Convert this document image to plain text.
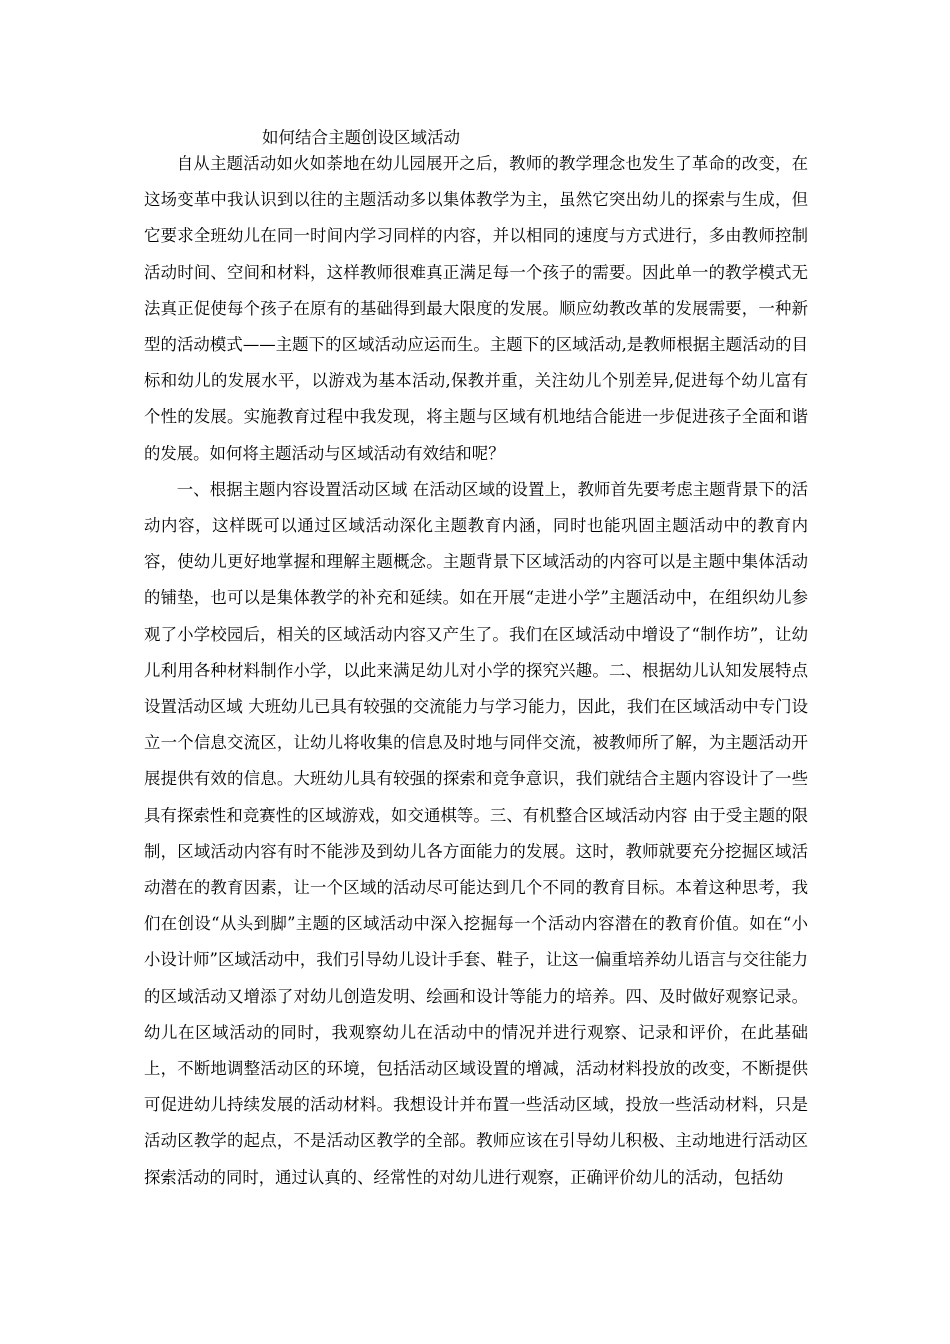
如何结合主题创设区域活动

自从主题活动如火如荼地在幼儿园展开之后，教师的教学理念也发生了革命的改变，在这场变革中我认识到以往的主题活动多以集体教学为主，虽然它突出幼儿的探索与生成，但它要求全班幼儿在同一时间内学习同样的内容，并以相同的速度与方式进行，多由教师控制活动时间、空间和材料，这样教师很难真正满足每一个孩子的需要。因此单一的教学模式无法真正促使每个孩子在原有的基础得到最大限度的发展。顺应幼教改革的发展需要，一种新型的活动模式——主题下的区域活动应运而生。主题下的区域活动,是教师根据主题活动的目标和幼儿的发展水平，以游戏为基本活动,保教并重，关注幼儿个别差异,促进每个幼儿富有个性的发展。实施教育过程中我发现，将主题与区域有机地结合能进一步促进孩子全面和谐的发展。如何将主题活动与区域活动有效结和呢？

一、根据主题内容设置活动区域 在活动区域的设置上，教师首先要考虑主题背景下的活动内容，这样既可以通过区域活动深化主题教育内涵，同时也能巩固主题活动中的教育内容，使幼儿更好地掌握和理解主题概念。主题背景下区域活动的内容可以是主题中集体活动的铺垫，也可以是集体教学的补充和延续。如在开展“走进小学”主题活动中，在组织幼儿参观了小学校园后，相关的区域活动内容又产生了。我们在区域活动中增设了“制作坊”，让幼儿利用各种材料制作小学，以此来满足幼儿对小学的探究兴趣。二、根据幼儿认知发展特点设置活动区域 大班幼儿已具有较强的交流能力与学习能力，因此，我们在区域活动中专门设立一个信息交流区，让幼儿将收集的信息及时地与同伴交流，被教师所了解，为主题活动开展提供有效的信息。大班幼儿具有较强的探索和竞争意识，我们就结合主题内容设计了一些具有探索性和竞赛性的区域游戏，如交通棋等。三、有机整合区域活动内容 由于受主题的限制，区域活动内容有时不能涉及到幼儿各方面能力的发展。这时，教师就要充分挖掘区域活动潜在的教育因素，让一个区域的活动尽可能达到几个不同的教育目标。本着这种思考，我们在创设“从头到脚”主题的区域活动中深入挖掘每一个活动内容潜在的教育价值。如在“小小设计师”区域活动中，我们引导幼儿设计手套、鞋子，让这一偏重培养幼儿语言与交往能力的区域活动又增添了对幼儿创造发明、绘画和设计等能力的培养。四、及时做好观察记录。幼儿在区域活动的同时，我观察幼儿在活动中的情况并进行观察、记录和评价，在此基础上，不断地调整活动区的环境，包括活动区域设置的增减，活动材料投放的改变，不断提供可促进幼儿持续发展的活动材料。我想设计并布置一些活动区域，投放一些活动材料，只是活动区教学的起点，不是活动区教学的全部。教师应该在引导幼儿积极、主动地进行活动区探索活动的同时，通过认真的、经常性的对幼儿进行观察，正确评价幼儿的活动，包括幼
